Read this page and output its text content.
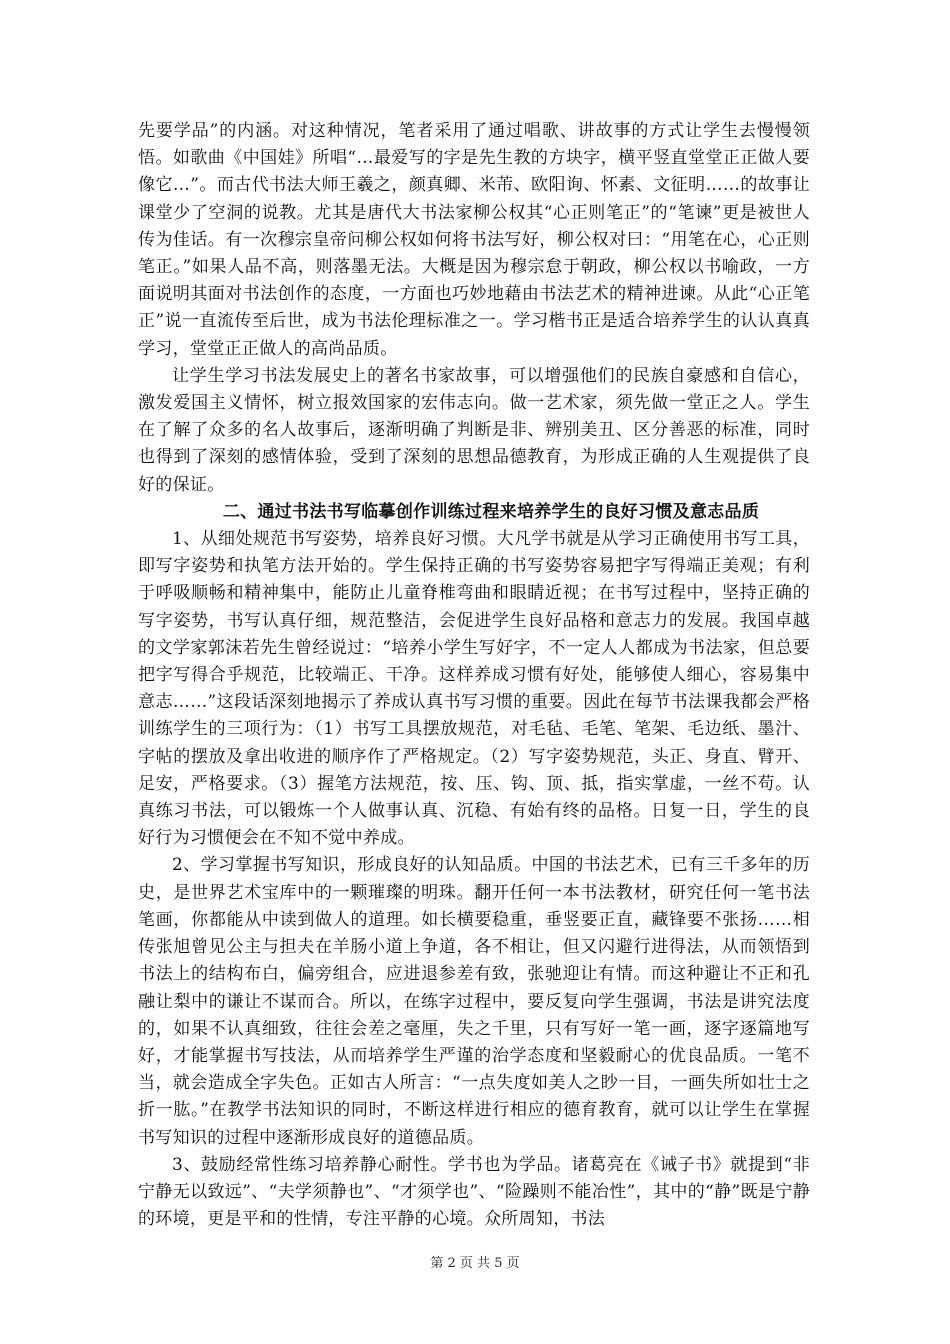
先要学品”的内涵。对这种情况，笔者采用了通过唱歌、讲故事的方式让学生去慢慢领悟。如歌曲《中国娃》所唱“…最爱写的字是先生教的方块字，横平竖直堂堂正正做人要像它…”。而古代书法大师王羲之，颜真卿、米芾、欧阳询、怀素、文征明……的故事让课堂少了空洞的说教。尤其是唐代大书法家柳公权其“心正则笔正”的“笔谏”更是被世人传为佳话。有一次穆宗皇帝问柳公权如何将书法写好，柳公权对曰：“用笔在心，心正则笔正。”如果人品不高，则落墨无法。大概是因为穆宗怠于朝政，柳公权以书喻政，一方面说明其面对书法创作的态度，一方面也巧妙地藉由书法艺术的精神进谏。从此“心正笔正”说一直流传至后世，成为书法伦理标准之一。学习楷书正是适合培养学生的认认真真学习，堂堂正正做人的高尚品质。

让学生学习书法发展史上的著名书家故事，可以增强他们的民族自豪感和自信心，激发爱国主义情怀，树立报效国家的宏伟志向。做一艺术家，须先做一堂正之人。学生在了解了众多的名人故事后，逐渐明确了判断是非、辨别美丑、区分善恶的标准，同时也得到了深刻的感情体验，受到了深刻的思想品德教育，为形成正确的人生观提供了良好的保证。

二、通过书法书写临摹创作训练过程来培养学生的良好习惯及意志品质

1、从细处规范书写姿势，培养良好习惯。大凡学书就是从学习正确使用书写工具，即写字姿势和执笔方法开始的。学生保持正确的书写姿势容易把字写得端正美观；有利于呼吸顺畅和精神集中，能防止儿童脊椎弯曲和眼睛近视；在书写过程中，坚持正确的写字姿势，书写认真仔细，规范整洁，会促进学生良好品格和意志力的发展。我国卓越的文学家郭沫若先生曾经说过：“培养小学生写好字，不一定人人都成为书法家，但总要把字写得合乎规范，比较端正、干净。这样养成习惯有好处，能够使人细心，容易集中意志……”这段话深刻地揭示了养成认真书写习惯的重要。因此在每节书法课我都会严格训练学生的三项行为：（1）书写工具摆放规范，对毛毡、毛笔、笔架、毛边纸、墨汁、字帖的摆放及拿出收进的顺序作了严格规定。（2）写字姿势规范，头正、身直、臂开、足安，严格要求。（3）握笔方法规范，按、压、钩、顶、抵，指实掌虚，一丝不苟。认真练习书法，可以锻炼一个人做事认真、沉稳、有始有终的品格。日复一日，学生的良好行为习惯便会在不知不觉中养成。

2、学习掌握书写知识，形成良好的认知品质。中国的书法艺术，已有三千多年的历史，是世界艺术宝库中的一颗璀璨的明珠。翻开任何一本书法教材，研究任何一笔书法笔画，你都能从中读到做人的道理。如长横要稳重，垂竖要正直，藏锋要不张扬……相传张旭曾见公主与担夫在羊肠小道上争道，各不相让，但又闪避行进得法，从而领悟到书法上的结构布白，偏旁组合，应进退参差有致，张驰迎让有情。而这种避让不正和孔融让梨中的谦让不谋而合。所以，在练字过程中，要反复向学生强调，书法是讲究法度的，如果不认真细致，往往会差之毫厘，失之千里，只有写好一笔一画，逐字逐篇地写好，才能掌握书写技法，从而培养学生严谨的治学态度和坚毅耐心的优良品质。一笔不当，就会造成全字失色。正如古人所言：“一点失度如美人之眇一目，一画失所如壮士之折一肱。”在教学书法知识的同时，不断这样进行相应的德育教育，就可以让学生在掌握书写知识的过程中逐渐形成良好的道德品质。

3、鼓励经常性练习培养静心耐性。学书也为学品。诸葛亮在《诫子书》就提到“非宁静无以致远”、“夫学须静也”、“才须学也”、“险躁则不能冶性”，其中的“静”既是宁静的环境，更是平和的性情，专注平静的心境。众所周知，书法

第 2 页 共 5 页
